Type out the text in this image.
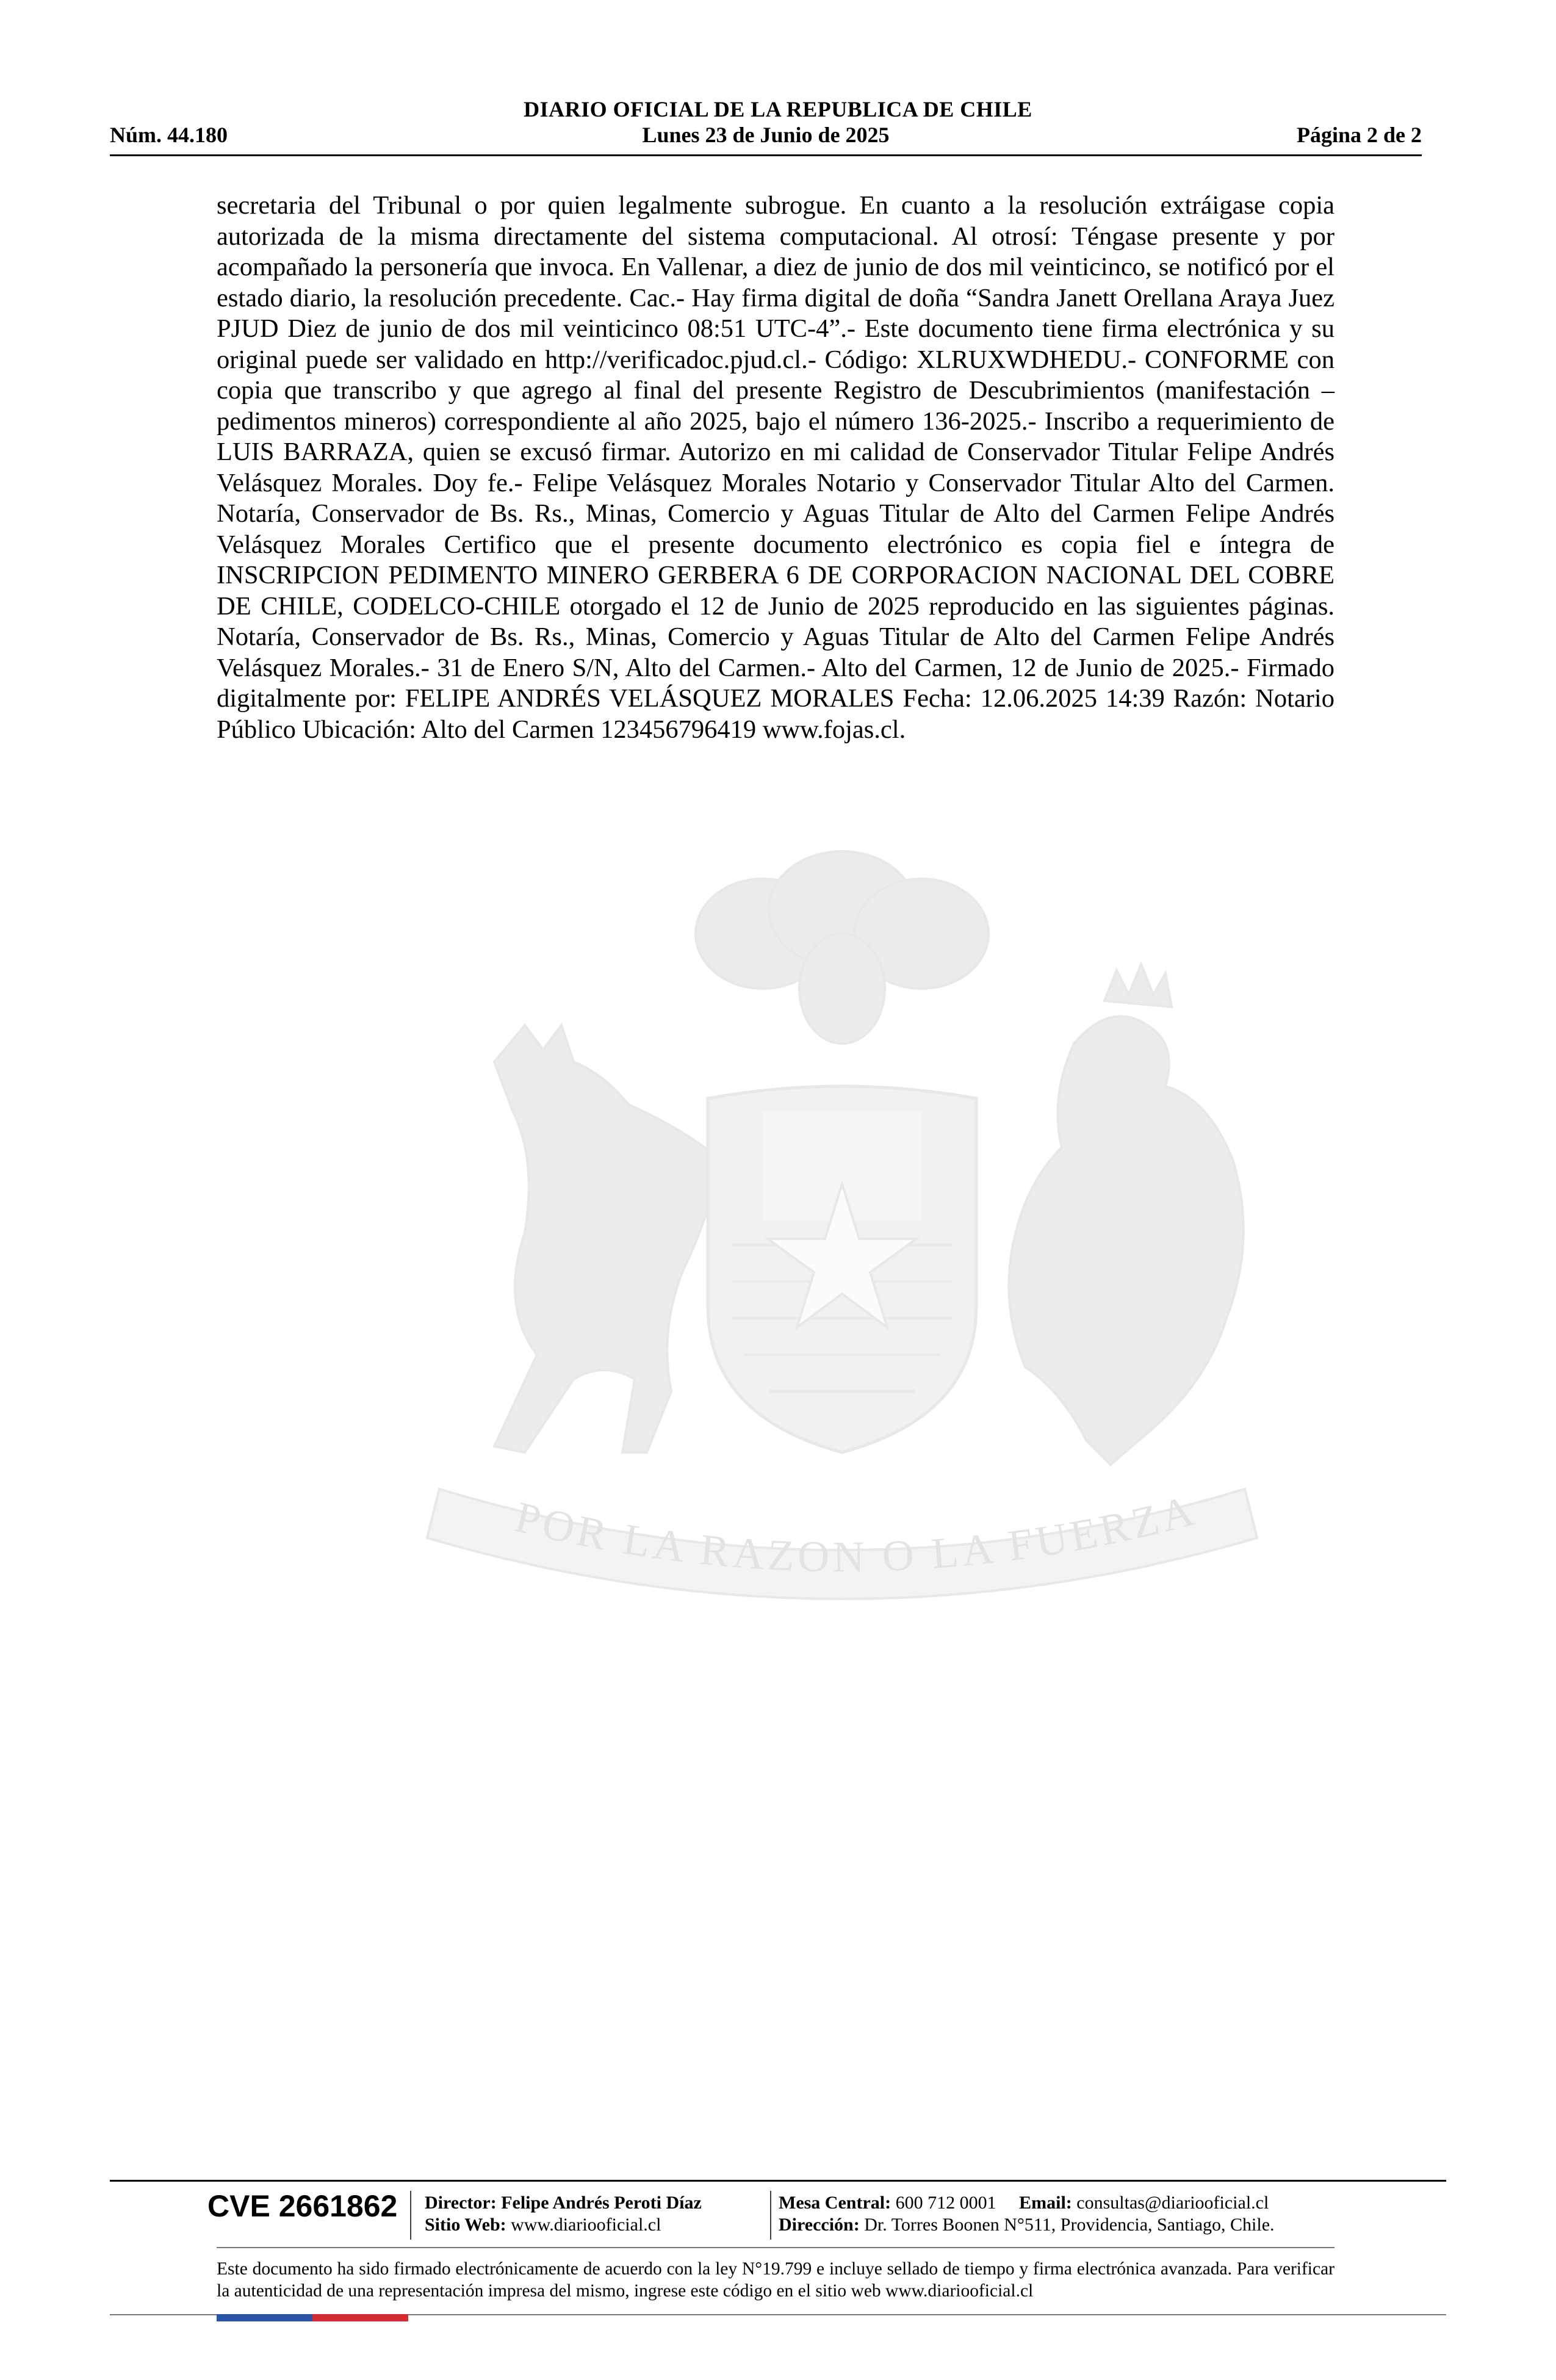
DIARIO OFICIAL DE LA REPUBLICA DE CHILE
Núm. 44.180	Lunes 23 de Junio de 2025	Página 2 de 2
secretaria del Tribunal o por quien legalmente subrogue. En cuanto a la resolución extráigase copia autorizada de la misma directamente del sistema computacional. Al otrosí: Téngase presente y por acompañado la personería que invoca. En Vallenar, a diez de junio de dos mil veinticinco, se notificó por el estado diario, la resolución precedente. Cac.- Hay firma digital de doña “Sandra Janett Orellana Araya Juez PJUD Diez de junio de dos mil veinticinco 08:51 UTC-4”.- Este documento tiene firma electrónica y su original puede ser validado en http://verificadoc.pjud.cl.- Código: XLRUXWDHEDU.- CONFORME con copia que transcribo y que agrego al final del presente Registro de Descubrimientos (manifestación – pedimentos mineros) correspondiente al año 2025, bajo el número 136-2025.- Inscribo a requerimiento de LUIS BARRAZA, quien se excusó firmar. Autorizo en mi calidad de Conservador Titular Felipe Andrés Velásquez Morales. Doy fe.- Felipe Velásquez Morales Notario y Conservador Titular Alto del Carmen. Notaría, Conservador de Bs. Rs., Minas, Comercio y Aguas Titular de Alto del Carmen Felipe Andrés Velásquez Morales Certifico que el presente documento electrónico es copia fiel e íntegra de INSCRIPCION PEDIMENTO MINERO GERBERA 6 DE CORPORACION NACIONAL DEL COBRE DE CHILE, CODELCO-CHILE otorgado el 12 de Junio de 2025 reproducido en las siguientes páginas. Notaría, Conservador de Bs. Rs., Minas, Comercio y Aguas Titular de Alto del Carmen Felipe Andrés Velásquez Morales.- 31 de Enero S/N, Alto del Carmen.- Alto del Carmen, 12 de Junio de 2025.- Firmado digitalmente por: FELIPE ANDRÉS VELÁSQUEZ MORALES Fecha: 12.06.2025 14:39 Razón: Notario Público Ubicación: Alto del Carmen 123456796419 www.fojas.cl.
POR LA RAZON O LA FUERZA
CVE 2661862 Director: Felipe Andrés Peroti Díaz
Sitio Web: www.diariooficial.cl
Mesa Central: 600 712 0001 Email: consultas@diariooficial.cl
Dirección: Dr. Torres Boonen N°511, Providencia, Santiago, Chile.
Este documento ha sido firmado electrónicamente de acuerdo con la ley N°19.799 e incluye sellado de tiempo y firma electrónica avanzada. Para verificar la autenticidad de una representación impresa del mismo, ingrese este código en el sitio web www.diariooficial.cl
